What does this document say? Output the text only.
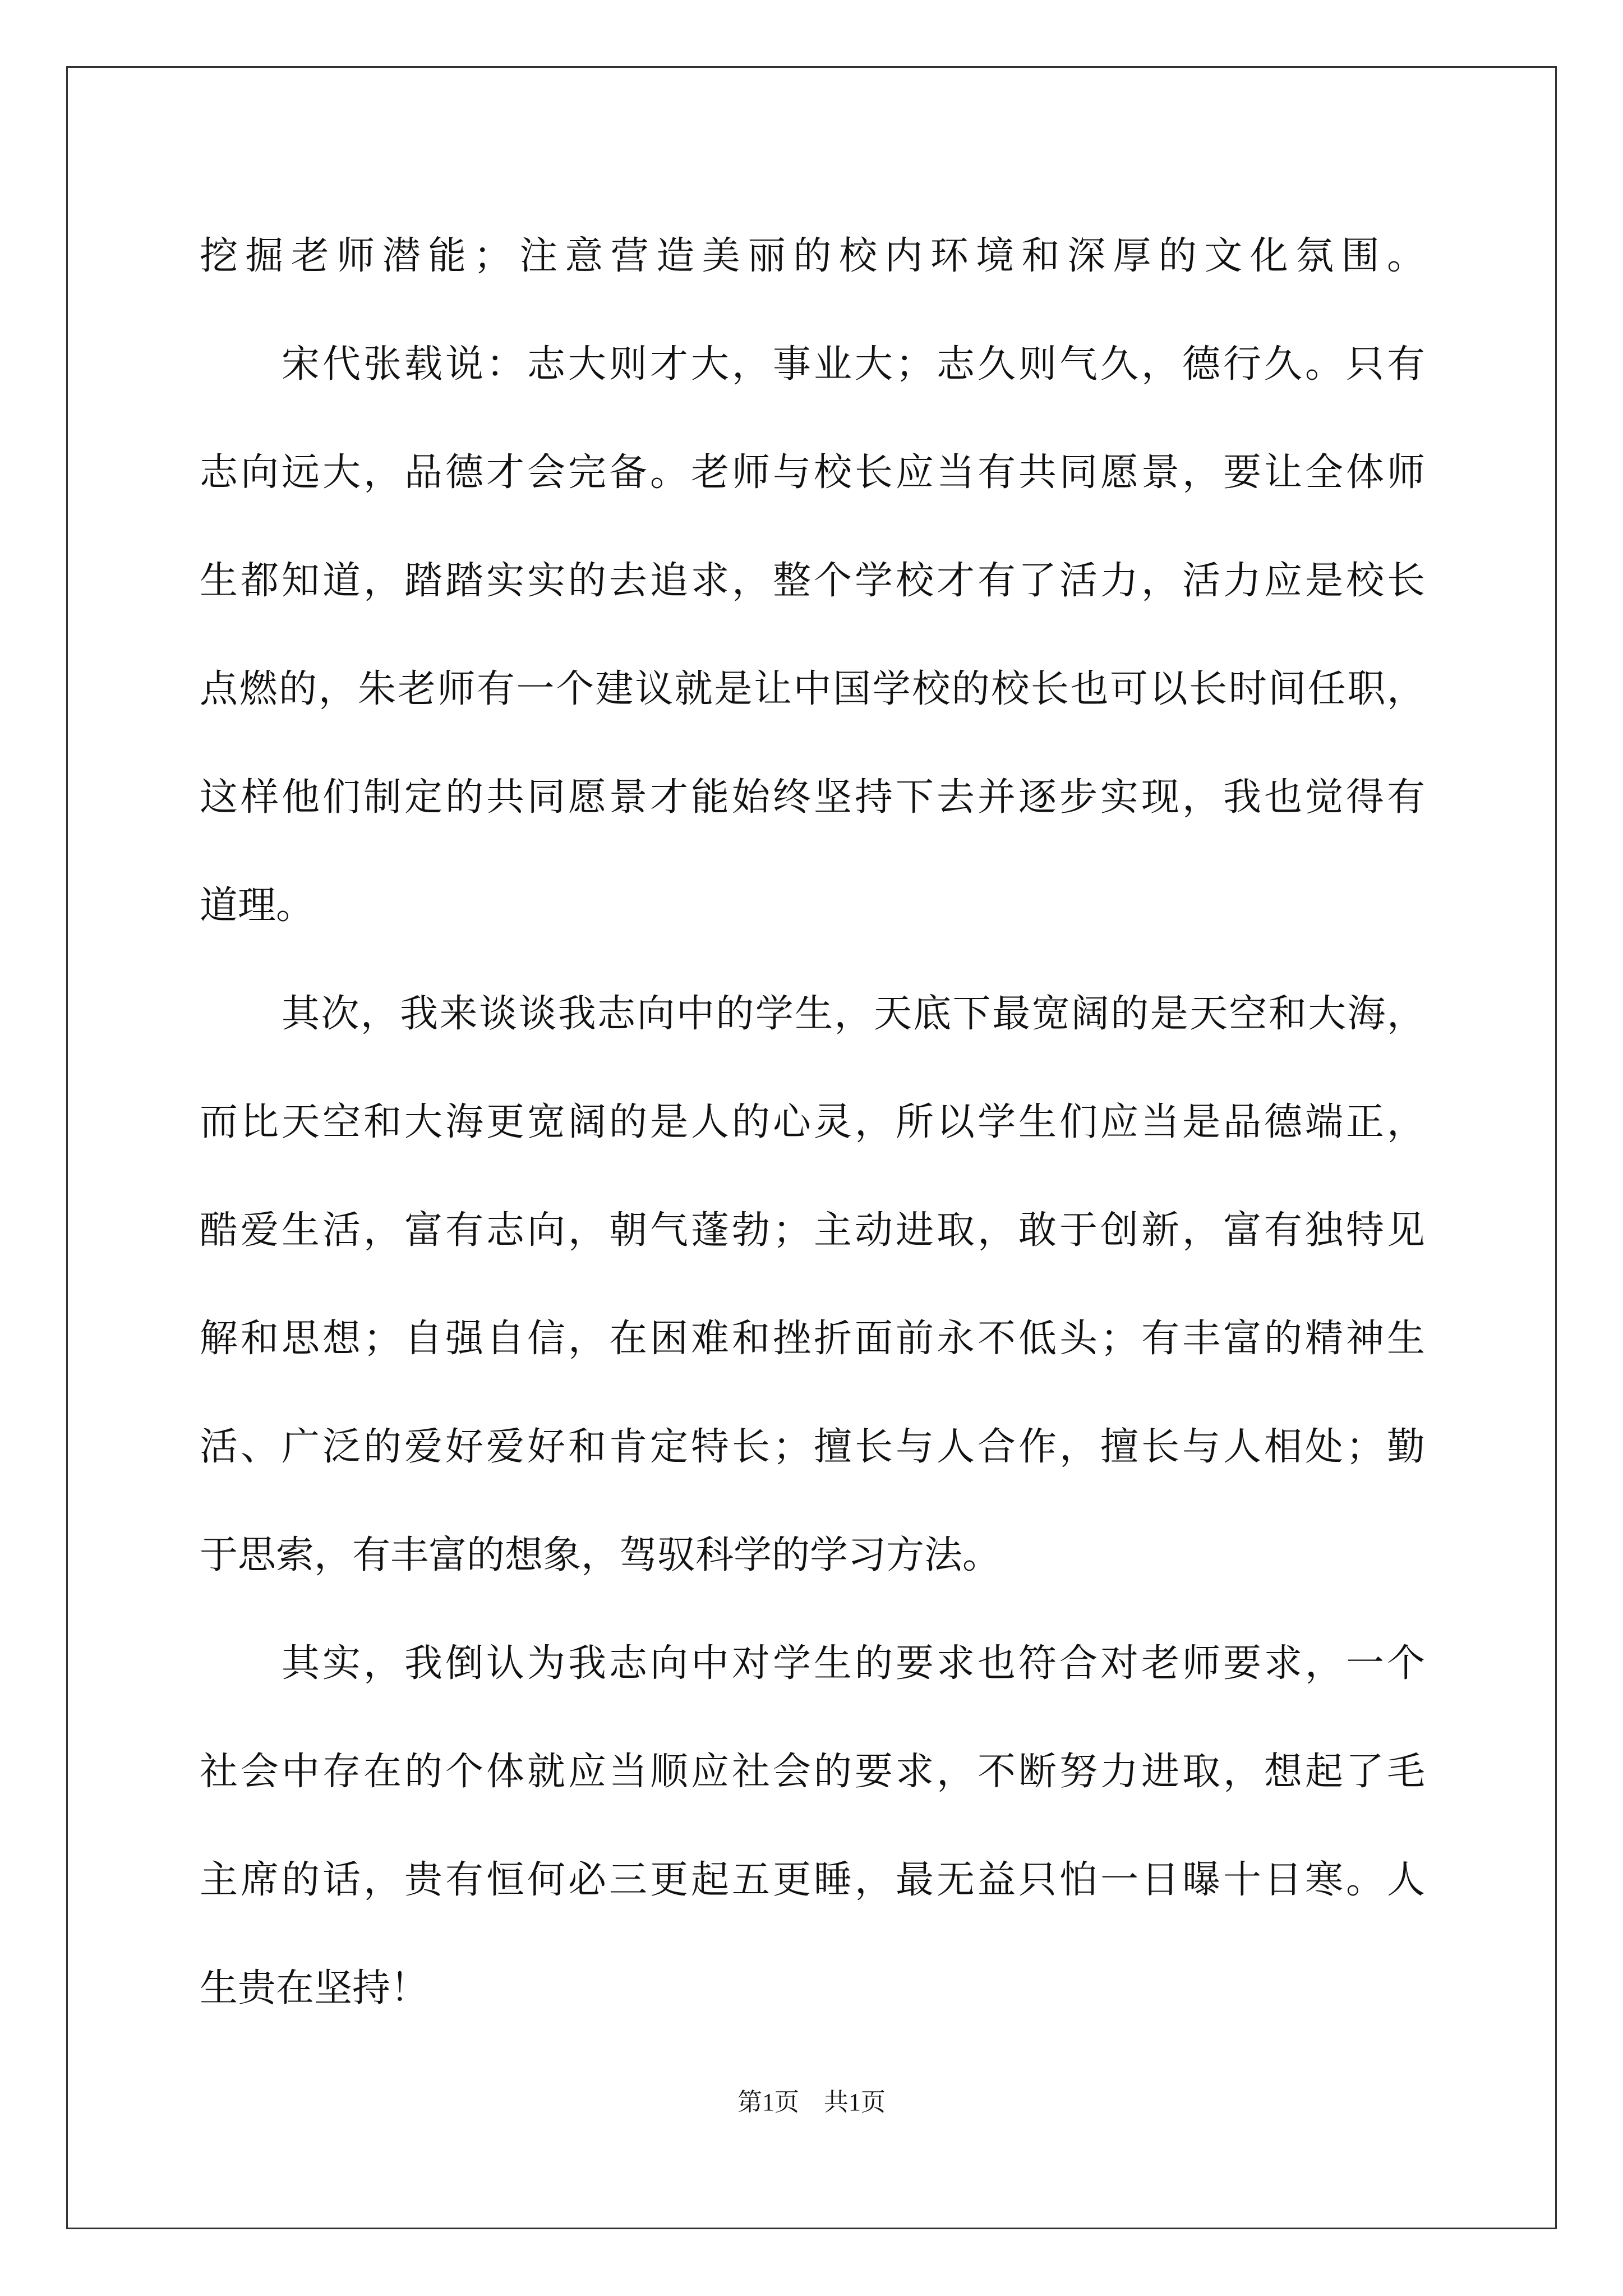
挖掘老师潜能；注意营造美丽的校内环境和深厚的文化氛围。
宋代张载说：志大则才大，事业大；志久则气久，德行久。只有
志向远大，品德才会完备。老师与校长应当有共同愿景，要让全体师
生都知道，踏踏实实的去追求，整个学校才有了活力，活力应是校长
点燃的，朱老师有一个建议就是让中国学校的校长也可以长时间任职，
这样他们制定的共同愿景才能始终坚持下去并逐步实现，我也觉得有
道理。
其次，我来谈谈我志向中的学生，天底下最宽阔的是天空和大海，
而比天空和大海更宽阔的是人的心灵，所以学生们应当是品德端正，
酷爱生活，富有志向，朝气蓬勃；主动进取，敢于创新，富有独特见
解和思想；自强自信，在困难和挫折面前永不低头；有丰富的精神生
活、广泛的爱好爱好和肯定特长；擅长与人合作，擅长与人相处；勤
于思索，有丰富的想象，驾驭科学的学习方法。
其实，我倒认为我志向中对学生的要求也符合对老师要求，一个
社会中存在的个体就应当顺应社会的要求，不断努力进取，想起了毛
主席的话，贵有恒何必三更起五更睡，最无益只怕一日曝十日寒。人
生贵在坚持！
第1页　共1页
